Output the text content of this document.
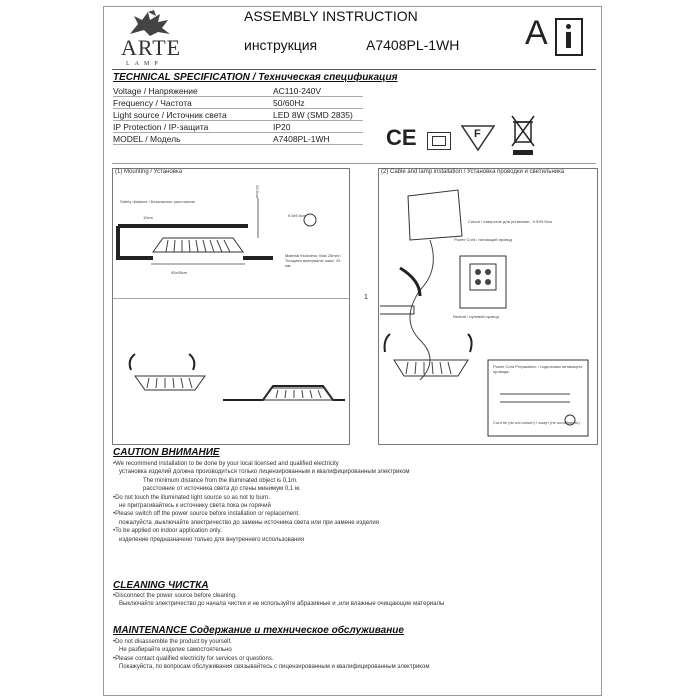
ARTE
LAMP
ASSEMBLY INSTRUCTION
инструкция	A7408PL-1WH A
TECHNICAL SPECIFICATION / Техническая спецификация
Voltage / Напряжение	AC110-240V
Frequency / Частота	50/60Hz
Light source / Источник света	LED 8W (SMD 2835)
IP Protection / IP-защита	IP20
MODEL / Модель	A7408PL-1WH	CE	F
(1) Mounting / Установка
Safety distance / Безопасное расстояние
10cm
95x95cm
25.5cm
9.5x9.5cm
Material thickness: Max 25mm / Толщина материала: макс. 25 мм
(2) Cable and lamp installation / Установка проводки и светильника
Cutout / отверстие для установки : 9.5X9.5cm
Power Cord / питающий провод
Neutral / нулевой провод
Power Cord Preparation: / подготовка питающего провода:
Cord tie (do not loosen) / хомут (не ослабевать)
1
CAUTION ВНИМАНИЕ
•We recommend installation to be done by your local licensed and qualified electricity
установка изделий должна производиться только лицензированным и квалифицированным электриком
The minimum distance from the illuminated object is 0,1m.
расстояние от источника света до стены минимум 0,1 м.
•Do not touch the illuminated light source so as not to burn.
не притрагивайтесь к источнику света пока он горячий
•Please switch off the power source before installation or replacement.
пожалуйста ,выключайте электричество до замены источника света или при замене изделия
•To be applied on indoor application only.
изделение предназначено только для внутреннего использования
CLEANING ЧИСТКА
•Disconnect the power source before cleaning.
Выключайте электричество до начала чистки и не используйте абразивные и ,или влажные очищающие материалы
MAINTENANCE Содержание и техническое обслуживание
•Do not disassemble the product by yourself.
Не разбирайте изделие самостоятельно
•Please contact qualified electricity for services or questions.
Покажуйста, по вопросам обслуживания связывайтесь с лицензированным и квалифицированным электриком
